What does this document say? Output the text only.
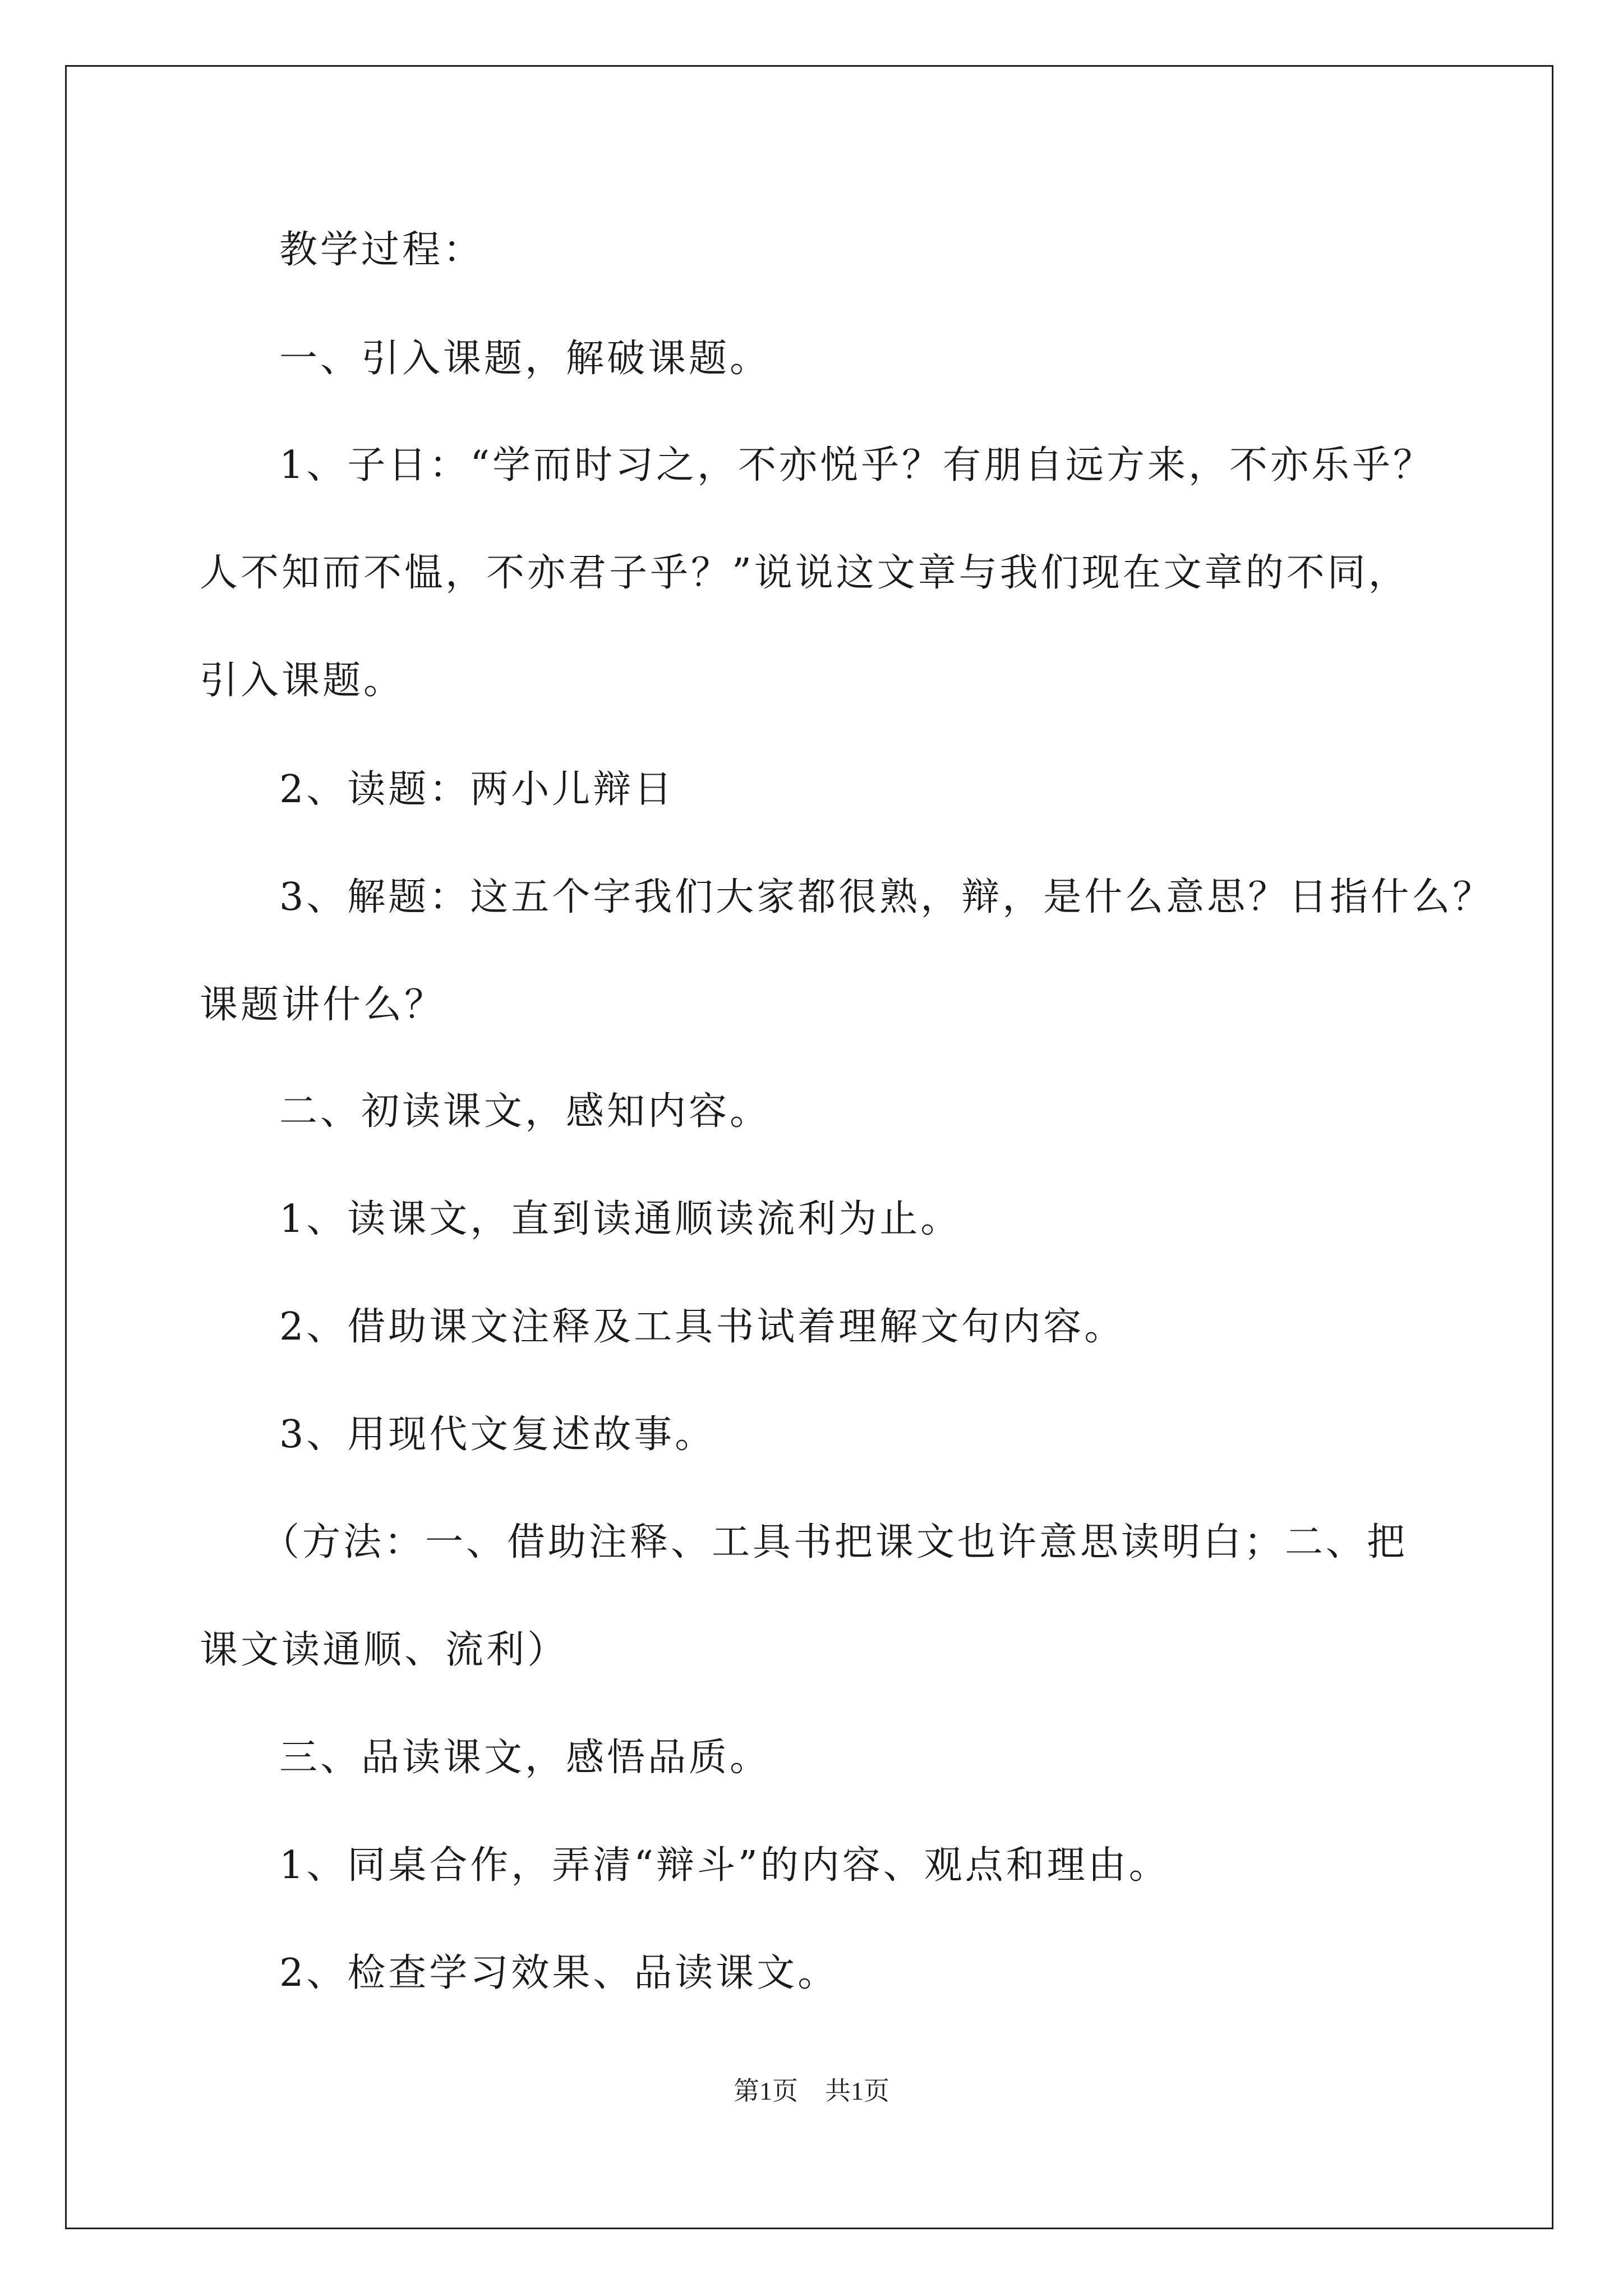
教学过程：
一、引入课题，解破课题。
1、子日：“学而时习之，不亦悦乎？有朋自远方来，不亦乐乎？
人不知而不愠，不亦君子乎？”说说这文章与我们现在文章的不同，
引入课题。
2、读题：两小儿辩日
3、解题：这五个字我们大家都很熟，辩，是什么意思？日指什么？
课题讲什么？
二、初读课文，感知内容。
1、读课文，直到读通顺读流利为止。
2、借助课文注释及工具书试着理解文句内容。
3、用现代文复述故事。
（方法：一、借助注释、工具书把课文也许意思读明白；二、把
课文读通顺、流利）
三、品读课文，感悟品质。
1、同桌合作，弄清“辩斗”的内容、观点和理由。
2、检查学习效果、品读课文。
第1页 共1页
